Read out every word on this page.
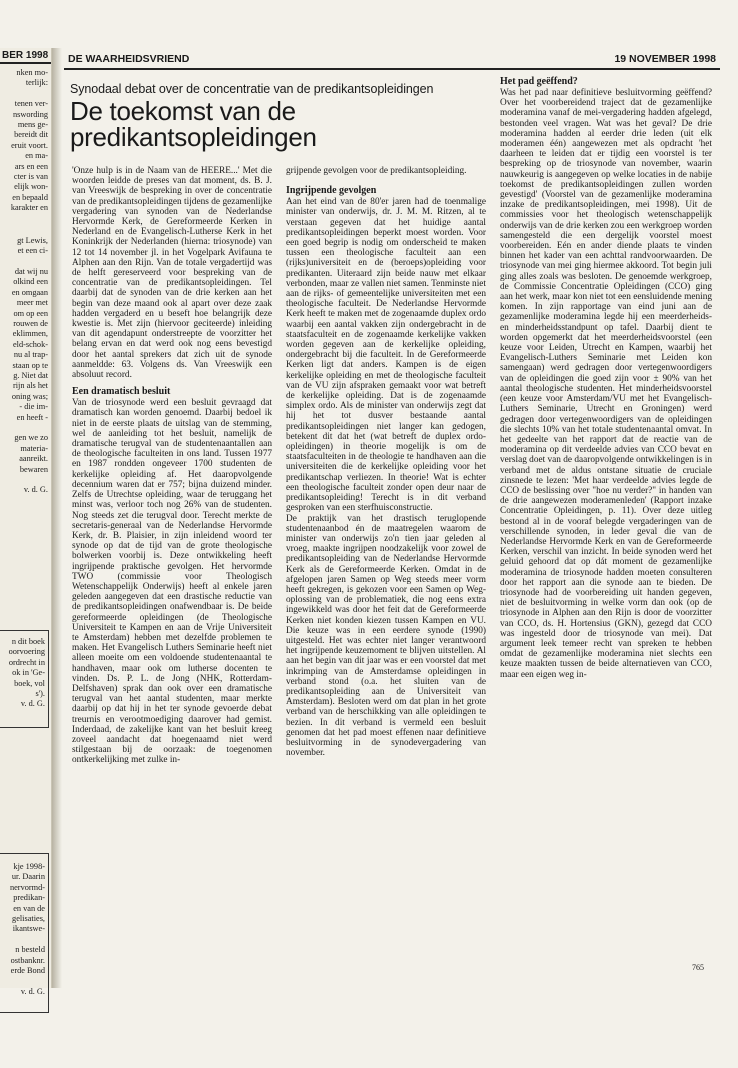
BER 1998
nken mo-
terlijk:

tenen ver-
nswording
mens ge-
bereidt dit
eruit voort.
en ma-
ars en een
cter is van
elijk won-
en bepaald
karakter en
gt Lewis,
et een ci-

dat wij nu
olkind een
en omgaan
meer met
om op een
rouwen de
eklimmen,
eld-schok-
nu al trap-
staan op te
g. Niet dat
rijn als het
oning was;
- die im-
en heeft -

gen we zo
materia-
aanreikt.
bewaren

v. d. G.
n dit boek
oorvoering
ordrecht in
ok in 'Ge-
boek, vol
s').
v. d. G.
kje 1998-
ur. Daarin
nervormd-
predikan-
en van de
gelisaties,
ikantswe-

n besteld
ostbanknr.
erde Bond

v. d. G.
DE WAARHEIDSVRIEND	19 NOVEMBER 1998
Synodaal debat over de concentratie van de predikantsopleidingen
De toekomst van de predikantsopleidingen

'Onze hulp is in de Naam van de HEERE...' Met die woorden leidde de preses van dat moment, ds. B. J. van Vreeswijk de bespreking in over de concentratie van de predikantsopleidingen tijdens de gezamenlijke vergadering van synoden van de Nederlandse Hervormde Kerk, de Gereformeerde Kerken in Nederland en de Evangelisch-Lutherse Kerk in het Koninkrijk der Nederlanden (hierna: triosynode) van 12 tot 14 november jl. in het Vogelpark Avifauna te Alphen aan den Rijn. Van de totale vergadertijd was de helft gereserveerd voor bespreking van de concentratie van de predikantsopleidingen. Tel daarbij dat de synoden van de drie kerken aan het begin van deze maand ook al apart over deze zaak hadden vergaderd en u beseft hoe belangrijk deze kwestie is. Met zijn (hiervoor geciteerde) inleiding van dit agendapunt onderstreepte de voorzitter het belang ervan en dat werd ook nog eens bevestigd door het aantal sprekers dat zich uit de synode aanmeldde: 63. Volgens ds. Van Vreeswijk een absoluut record.

Een dramatisch besluit

Van de triosynode werd een besluit gevraagd dat dramatisch kan worden genoemd. Daarbij bedoel ik niet in de eerste plaats de uitslag van de stemming, wel de aanleiding tot het besluit, namelijk de dramatische terugval van de studentenaantallen aan de theologische faculteiten in ons land. Tussen 1977 en 1987 rondden ongeveer 1700 studenten de kerkelijke opleiding af. Het daaropvolgende decennium waren dat er 757; bijna duizend minder. Zelfs de Utrechtse opleiding, waar de teruggang het minst was, verloor toch nog 26% van de studenten. Nog steeds zet die terugval door. Terecht merkte de secretaris-generaal van de Nederlandse Hervormde Kerk, dr. B. Plaisier, in zijn inleidend woord ter synode op dat de tijd van de grote theologische bolwerken voorbij is. Deze ontwikkeling heeft ingrijpende praktische gevolgen. Het hervormde TWO (commissie voor Theologisch Wetenschappelijk Onderwijs) heeft al enkele jaren geleden aangegeven dat een drastische reductie van de predikantsopleidingen onafwendbaar is. De beide gereformeerde opleidingen (de Theologische Universiteit te Kampen en aan de Vrije Universiteit te Amsterdam) hebben met dezelfde problemen te maken. Het Evangelisch Luthers Seminarie heeft niet alleen moeite om een voldoende studentenaantal te handhaven, maar ook om lutherse docenten te vinden. Ds. P. L. de Jong (NHK, Rotterdam-Delfshaven) sprak dan ook over een dramatische terugval van het aantal studenten, maar merkte daarbij op dat hij in het ter synode gevoerde debat treurnis en verootmoediging daarover had gemist. Inderdaad, de zakelijke kant van het besluit kreeg zoveel aandacht dat hoegenaamd niet werd stilgestaan bij de oorzaak: de toegenomen ontkerkelijking met zulke in-

grijpende gevolgen voor de predikantsopleiding.

Ingrijpende gevolgen

Aan het eind van de 80'er jaren had de toenmalige minister van onderwijs, dr. J. M. M. Ritzen, al te verstaan gegeven dat het huidige aantal predikantsopleidingen beperkt moest worden. Voor een goed begrip is nodig om onderscheid te maken tussen een theologische faculteit aan een (rijks)universiteit en de (beroeps)opleiding voor predikanten. Uiteraard zijn beide nauw met elkaar verbonden, maar ze vallen niet samen. Tenminste niet aan de rijks- of gemeentelijke universiteiten met een theologische faculteit. De Nederlandse Hervormde Kerk heeft te maken met de zogenaamde duplex ordo waarbij een aantal vakken zijn ondergebracht in de staatsfaculteit en de zogenaamde kerkelijke vakken worden gegeven aan de kerkelijke opleiding, ondergebracht bij die faculteit. In de Gereformeerde Kerken ligt dat anders. Kampen is de eigen kerkelijke opleiding en met de theologische faculteit van de VU zijn afspraken gemaakt voor wat betreft de kerkelijke opleiding. Dat is de zogenaamde simplex ordo. Als de minister van onderwijs zegt dat hij het tot dusver bestaande aantal predikantsopleidingen niet langer kan gedogen, betekent dit dat het (wat betreft de duplex ordo-opleidingen) in theorie mogelijk is om de staatsfaculteiten in de theologie te handhaven aan die universiteiten die de kerkelijke opleiding voor het predikantschap verliezen. In theorie! Wat is echter een theologische faculteit zonder open deur naar de predikantsopleiding! Terecht is in dit verband gesproken van een sterfhuisconstructie.

De praktijk van het drastisch teruglopende studentenaanbod én de maatregelen waarom de minister van onderwijs zo'n tien jaar geleden al vroeg, maakte ingrijpen noodzakelijk voor zowel de predikantsopleiding van de Nederlandse Hervormde Kerk als de Gereformeerde Kerken. Omdat in de afgelopen jaren Samen op Weg steeds meer vorm heeft gekregen, is gekozen voor een Samen op Weg-oplossing van de problematiek, die nog eens extra ingewikkeld was door het feit dat de Gereformeerde Kerken niet konden kiezen tussen Kampen en VU. Die keuze was in een eerdere synode (1990) uitgesteld. Het was echter niet langer verantwoord het ingrijpende keuzemoment te blijven uitstellen. Al aan het begin van dit jaar was er een voorstel dat met inkrimping van de Amsterdamse opleidingen in verband stond (o.a. het sluiten van de predikantsopleiding aan de Universiteit van Amsterdam). Besloten werd om dat plan in het grote verband van de herschikking van alle opleidingen te bezien. In dit verband is vermeld een besluit genomen dat het pad moest effenen naar definitieve besluitvorming in de synodevergadering van november.

Het pad geëffend?

Was het pad naar definitieve besluitvorming geëffend? Over het voorbereidend traject dat de gezamenlijke moderamina vanaf de mei-vergadering hadden afgelegd, bestonden veel vragen. Wat was het geval? De drie moderamina hadden al eerder drie leden (uit elk moderamen één) aangewezen met als opdracht 'het daarheen te leiden dat er tijdig een voorstel is ter bespreking op de triosynode van november, waarin nauwkeurig is aangegeven op welke locaties in de nabije toekomst de predikantsopleidingen zullen worden gevestigd' (Voorstel van de gezamenlijke moderamina inzake de predikantsopleidingen, mei 1998). Uit de commissies voor het theologisch wetenschappelijk onderwijs van de drie kerken zou een werkgroep worden samengesteld die een dergelijk voorstel moest voorbereiden. Eén en ander diende plaats te vinden binnen het kader van een achttal randvoorwaarden. De triosynode van mei ging hiermee akkoord. Tot begin juli ging alles zoals was besloten. De genoemde werkgroep, de Commissie Concentratie Opleidingen (CCO) ging aan het werk, maar kon niet tot een eensluidende mening komen. In zijn rapportage van eind juni aan de gezamenlijke moderamina legde hij een meerderheids- en minderheidsstandpunt op tafel. Daarbij dient te worden opgemerkt dat het meerderheidsvoorstel (een keuze voor Leiden, Utrecht en Kampen, waarbij het Evangelisch-Luthers Seminarie met Leiden kon samengaan) werd gedragen door vertegenwoordigers van de opleidingen die goed zijn voor ± 90% van het aantal theologische studenten. Het minderheidsvoorstel (een keuze voor Amsterdam/VU met het Evangelisch-Luthers Seminarie, Utrecht en Groningen) werd gedragen door vertegenwoordigers van de opleidingen die slechts 10% van het totale studentenaantal omvat. In het gedeelte van het rapport dat de reactie van de moderamina op dit verdeelde advies van CCO bevat en verslag doet van de daaropvolgende ontwikkelingen is in verband met de aldus ontstane situatie de cruciale zinsnede te lezen: 'Met haar verdeelde advies legde de CCO de beslissing over "hoe nu verder?" in handen van de drie aangewezen moderamenleden' (Rapport inzake Concentratie Opleidingen, p. 11). Over deze uitleg bestond al in de vooraf belegde vergaderingen van de verschillende synoden, in leder geval die van de Nederlandse Hervormde Kerk en van de Gereformeerde Kerken, verschil van inzicht. In beide synoden werd het geluid gehoord dat op dát moment de gezamenlijke moderamina de triosynode hadden moeten consulteren door het rapport aan die synode aan te bieden. De triosynode had de voorbereiding uit handen gegeven, niet de besluitvorming in welke vorm dan ook (op de triosynode in Alphen aan den Rijn is door de voorzitter van CCO, ds. H. Hortensius (GKN), gezegd dat CCO was ingesteld door de triosynode van mei). Dat argument leek temeer recht van spreken te hebben omdat de gezamenlijke moderamina niet slechts een keuze maakten tussen de beide alternatieven van CCO, maar een eigen weg in-

765
